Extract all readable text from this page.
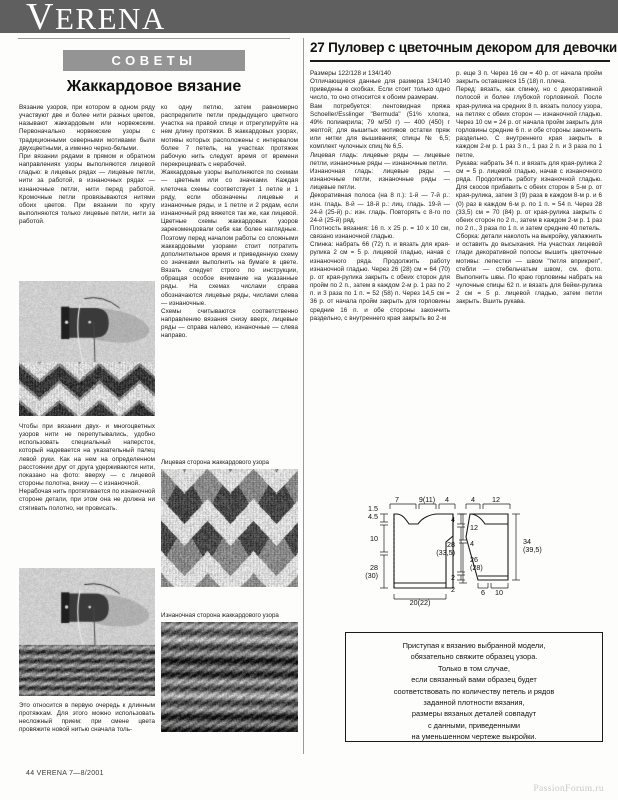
VERENA
СОВЕТЫ
Жаккардовое вязание

Вязание узоров, при котором в одном ряду участвуют две и более нити разных цветов, называют жаккардовым или норвежским. Первоначально норвежские узоры с традиционными северными мотивами были двухцветными, а именно черно-белыми.

При вязании рядами в прямом и обратном направлениях узоры выполняются лицевой гладью: в лицевых рядах — лицевые петли, нити за работой, в изнаночных рядах — изнаночные петли, нити перед работой. Кромочные петли провязываются нитями обоих цветов. При вязании по кругу выполняются только лицевые петли, нити за работой.

Чтобы при вязании двух- и многоцветных узоров нити не перепутывались, удобно использовать специальный наперсток, который надевается на указательный палец левой руки. Как на нем на определенном расстоянии друг от друга удерживаются нити, показано на фото: вверху — с лицевой стороны полотна, внизу — с изнаночной.

Нерабочая нить протягивается по изнаночной стороне детали, при этом она не должна ни стягивать полотно, ни провисать.

Это относится в первую очередь к длинным протяжкам. Для этого можно использовать несложный прием: при смене цвета провяжите новой нитью сначала толь-

ко одну петлю, затем равномерно распределите петли предыдущего цветного участка на правой спице и отрегулируйте на нем длину протяжки. В жаккардовых узорах, мотивы которых расположены с интервалом более 7 петель, на участках протяжек рабочую нить следует время от времени перекрещивать с нерабочей.

Жаккардовые узоры выполняются по схемам — цветным или со значками. Каждая клеточка схемы соответствует 1 петле и 1 ряду, если обозначены лицевые и изнаночные ряды, и 1 петле и 2 рядам, если изнаночный ряд вяжется так же, как лицевой. Цветные схемы жаккардовых узоров зарекомендовали себя как более наглядные. Поэтому перед началом работы со сложными жаккардовыми узорами стоит потратить дополнительное время и приведенную схему со значками выполнить на бумаге в цвете. Вязать следует строго по инструкции, обращая особое внимание на указанные ряды. На схемах числами справа обозначаются лицевые ряды, числами слева — изнаночные.

Схемы считываются соответственно направлению вязания снизу вверх, лицевые ряды — справа налево, изнаночные — слева направо.

Лицевая сторона жаккардового узора
Изнаночная сторона жаккардового узора
27 Пуловер с цветочным декором для девочки

Размеры 122/128 и 134/140

Отличающиеся данные для размера 134/140 приведены в скобках. Если стоит только одно число, то оно относится к обоим размерам.

Вам потребуется: лентовидная пряжа Schoeller/Esslinger "Bermuda" (51% хлопка, 49% полиакрила; 79 м/50 г) — 400 (450) г желтой; для вышитых мотивов остатки пряж или нитки для вышивания; спицы № 6,5; комплект чулочных спиц № 6,5.

Лицевая гладь: лицевые ряды — лицевые петли, изнаночные ряды — изнаночные петли.

Изнаночная гладь: лицевые ряды — изнаночные петли, изнаночные ряды — лицевые петли.

Декоративная полоса (на 8 п.): 1-й — 7-й р.: изн. гладь. 8-й — 18-й р.: лиц. гладь. 19-й — 24-й (25-й) р.: изн. гладь. Повторять с 8-го по 24-й (25-й) ряд.

Плотность вязания: 16 п. х 25 р. = 10 х 10 см, связано изнаночной гладью.

Спинка: набрать 66 (72) п. и вязать для края-рулика 2 см = 5 р. лицевой гладью, начав с изнаночного ряда. Продолжить работу изнаночной гладью. Через 26 (28) см = 64 (70) р. от края-рулика закрыть с обеих сторон для пройм по 2 п., затем в каждом 2-м р. 1 раз по 2 п. и 3 раза по 1 п. = 52 (58) п. Через 14,5 см = 36 р. от начала пройм закрыть для горловины средние 16 п. и обе стороны закончить раздельно, с внутреннего края закрыть во 2-м

р. еще 3 п. Через 16 см = 40 р. от начала пройм закрыть оставшиеся 15 (18) п. плеча.

Перед: вязать, как спинку, но с декоративной полосой и более глубокой горловиной. После края-рулика на средних 8 п. вязать полосу узора, на петлях с обеих сторон — изнаночной гладью. Через 10 см = 24 р. от начала пройм закрыть для горловины средние 6 п. и обе стороны закончить раздельно. С внутреннего края закрыть в каждом 2-м р. 1 раз 3 п., 1 раз 2 п. и 3 раза по 1 петле.

Рукава: набрать 34 п. и вязать для края-рулика 2 см = 5 р. лицевой гладью, начав с изнаночного ряда. Продолжить работу изнаночной гладью. Для скосов прибавить с обеих сторон в 5-м р. от края-рулика, затем 3 (9) раза в каждом 8-м р. и 6 (0) раз в каждом 6-м р. по 1 п. = 54 п. Через 28 (33,5) см = 70 (84) р. от края-рулика закрыть с обеих сторон по 2 п., затем в каждом 2-м р. 1 раз по 2 п., 3 раза по 1 п. и затем средние 40 петель.

Сборка: детали наколоть на выкройку, увлажнить и оставить до высыхания. На участках лицевой глади декоративной полосы вышить цветочные мотивы: лепестки — швом "петля вприкреп", стебли — стебельчатым швом, см. фото. Выполнить швы. По краю горловины набрать на чулочные спицы 62 п. и вязать для бейки-рулика 2 см = 5 р. лицевой гладью, затем петли закрыть. Вшить рукава.

7	9(11) 4
1.5
4.5
10
28
(30)
12
4
26
(28)
2
20(22)
4 12
4
28
(33,5)
2
34
(39,5)
6 10
Приступая к вязанию выбранной модели,
обязательно свяжите образец узора.
Только в том случае,
если связанный вами образец будет
соответствовать по количеству петель и рядов
заданной плотности вязания,
размеры вязаных деталей совпадут
с данными, приведенными
на уменьшенном чертеже выкройки.
44 VERENA 7—8/2001
PassionForum.ru
